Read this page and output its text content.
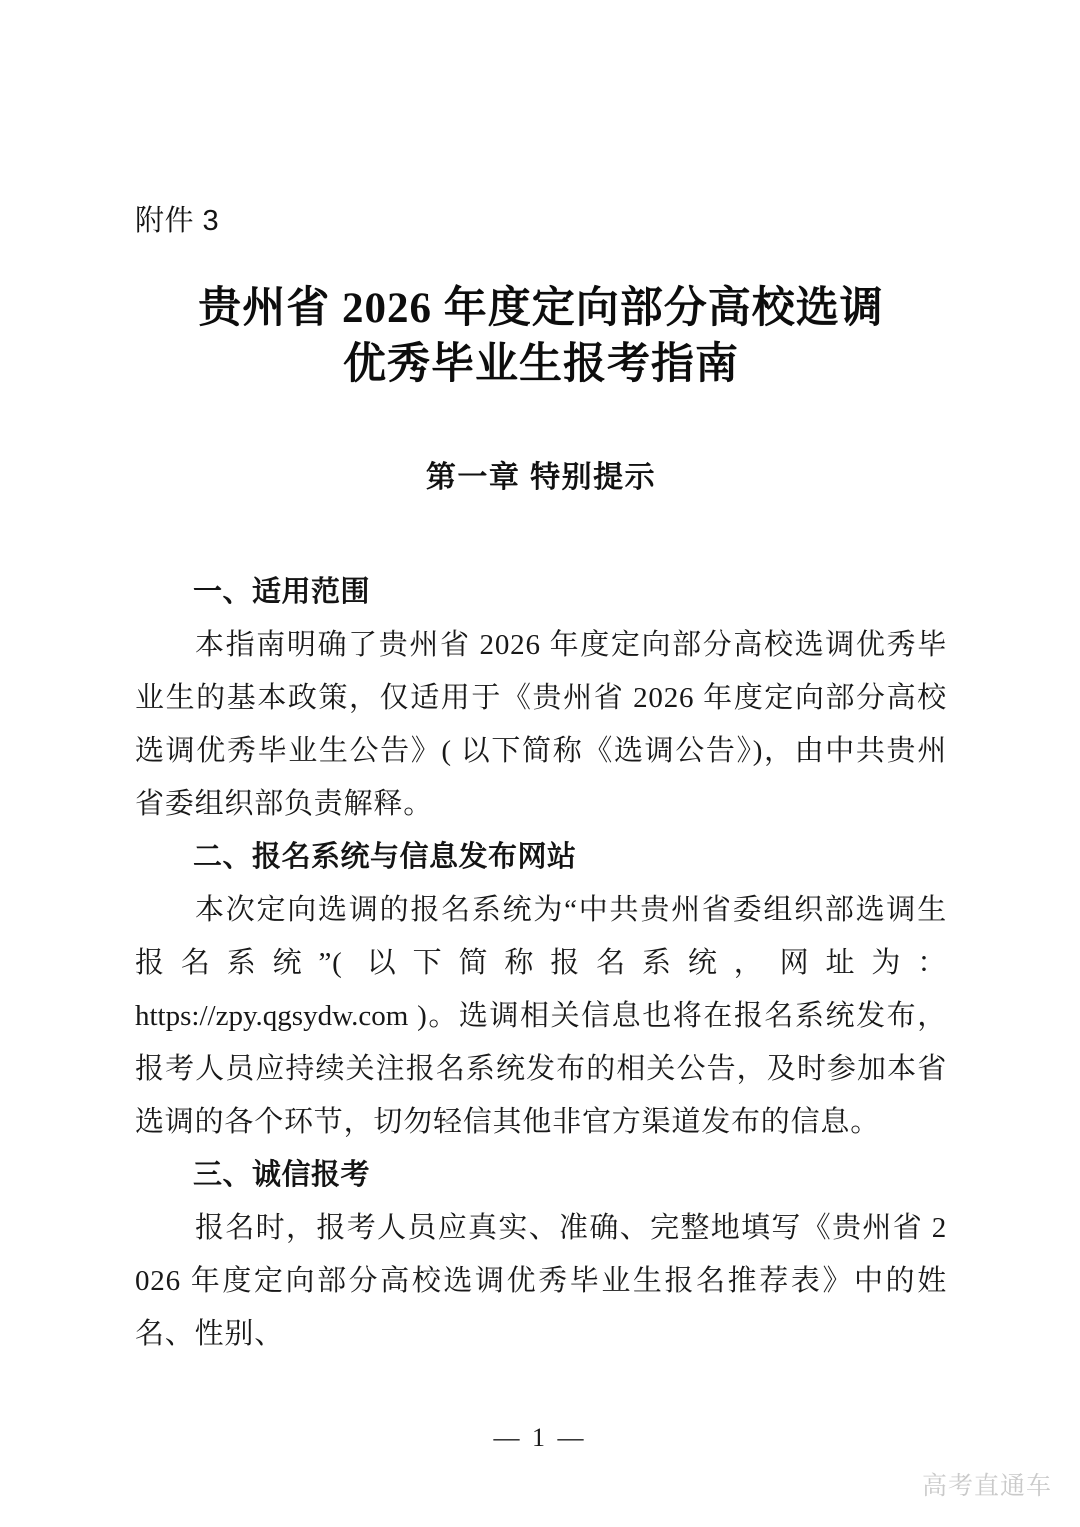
附件 3
贵州省 2026 年度定向部分高校选调
优秀毕业生报考指南
第一章 特别提示
一、适用范围

本指南明确了贵州省 2026 年度定向部分高校选调优秀毕业生的基本政策，仅适用于《贵州省 2026 年度定向部分高校选调优秀毕业生公告》( 以下简称《选调公告》)，由中共贵州省委组织部负责解释。

二、报名系统与信息发布网站

本次定向选调的报名系统为“中共贵州省委组织部选调生报名系统”( 以下简称报名系统，网址为：https://zpy.qgsydw.com )。选调相关信息也将在报名系统发布，报考人员应持续关注报名系统发布的相关公告，及时参加本省选调的各个环节，切勿轻信其他非官方渠道发布的信息。

三、诚信报考

报名时，报考人员应真实、准确、完整地填写《贵州省 2026 年度定向部分高校选调优秀毕业生报名推荐表》中的姓名、性别、

— 1 —
高考直通车
